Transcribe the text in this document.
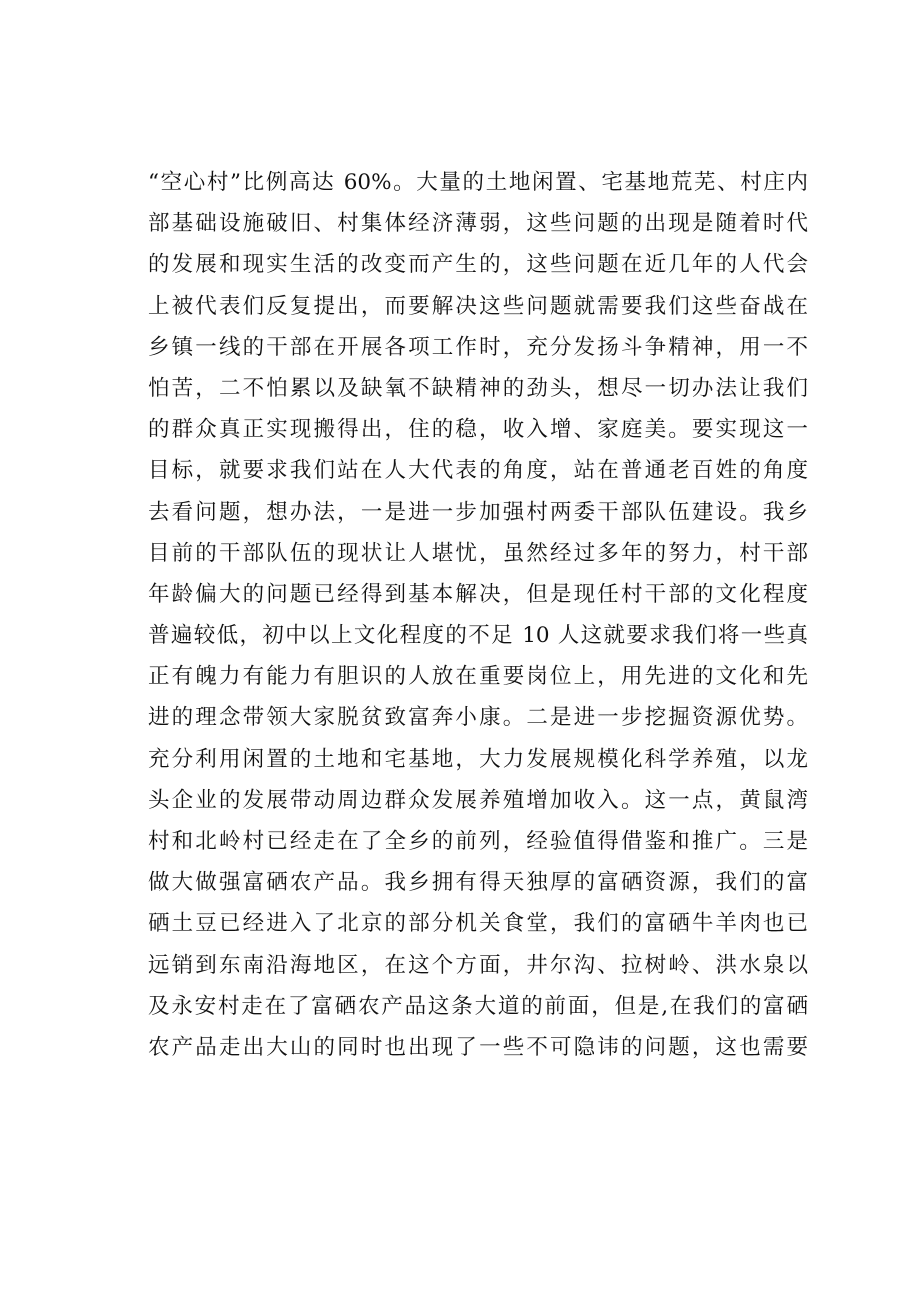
“空心村”比例高达 60%。大量的土地闲置、宅基地荒芜、村庄内
部基础设施破旧、村集体经济薄弱，这些问题的出现是随着时代
的发展和现实生活的改变而产生的，这些问题在近几年的人代会
上被代表们反复提出，而要解决这些问题就需要我们这些奋战在
乡镇一线的干部在开展各项工作时，充分发扬斗争精神，用一不
怕苦，二不怕累以及缺氧不缺精神的劲头，想尽一切办法让我们
的群众真正实现搬得出，住的稳，收入增、家庭美。要实现这一
目标，就要求我们站在人大代表的角度，站在普通老百姓的角度
去看问题，想办法，一是进一步加强村两委干部队伍建设。我乡
目前的干部队伍的现状让人堪忧，虽然经过多年的努力，村干部
年龄偏大的问题已经得到基本解决，但是现任村干部的文化程度
普遍较低，初中以上文化程度的不足 10 人这就要求我们将一些真
正有魄力有能力有胆识的人放在重要岗位上，用先进的文化和先
进的理念带领大家脱贫致富奔小康。二是进一步挖掘资源优势。
充分利用闲置的土地和宅基地，大力发展规模化科学养殖，以龙
头企业的发展带动周边群众发展养殖增加收入。这一点，黄鼠湾
村和北岭村已经走在了全乡的前列，经验值得借鉴和推广。三是
做大做强富硒农产品。我乡拥有得天独厚的富硒资源，我们的富
硒土豆已经进入了北京的部分机关食堂，我们的富硒牛羊肉也已
远销到东南沿海地区，在这个方面，井尔沟、拉树岭、洪水泉以
及永安村走在了富硒农产品这条大道的前面，但是,在我们的富硒
农产品走出大山的同时也出现了一些不可隐讳的问题，这也需要
